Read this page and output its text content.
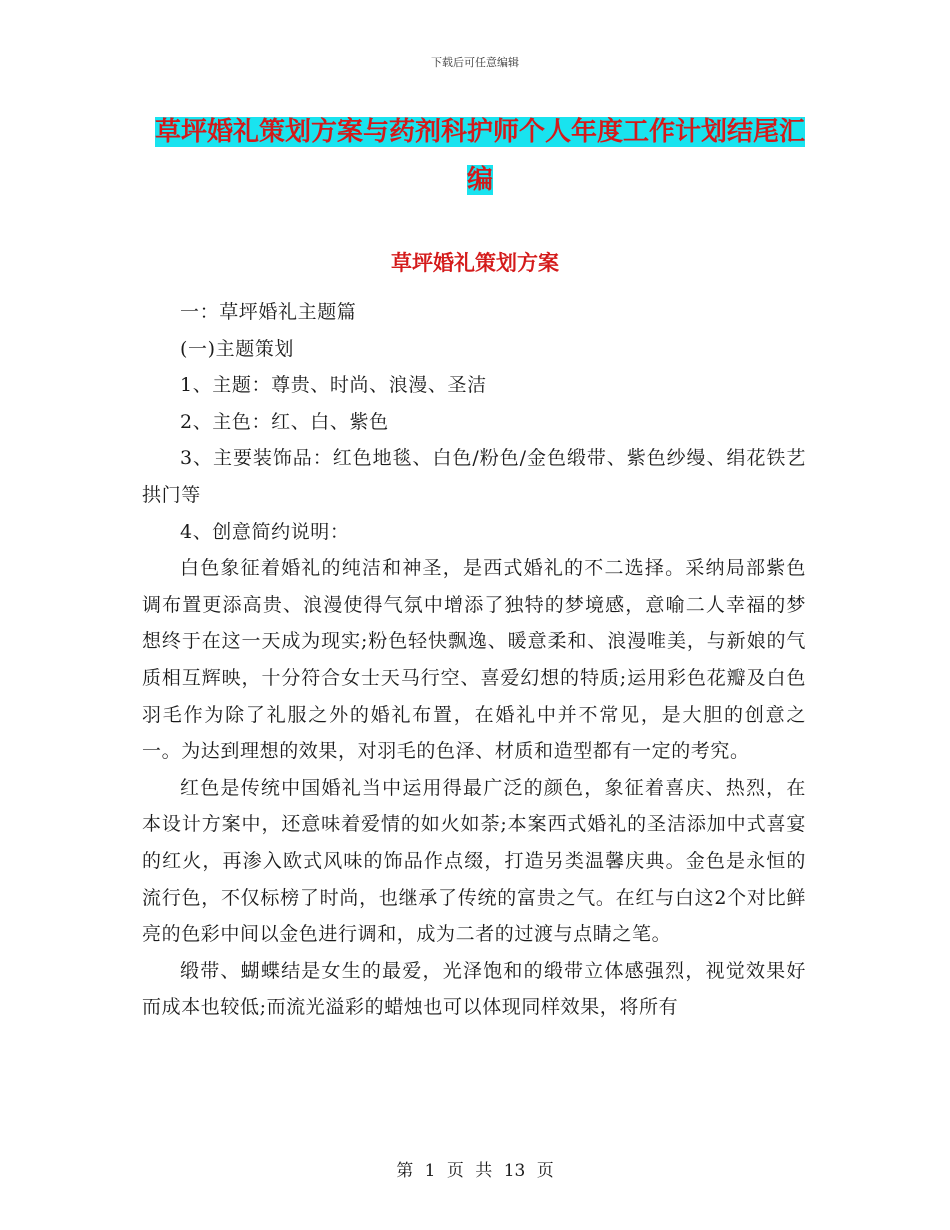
下载后可任意编辑
草坪婚礼策划方案与药剂科护师个人年度工作计划结尾汇编
草坪婚礼策划方案

一：草坪婚礼主题篇

(一)主题策划

1、主题：尊贵、时尚、浪漫、圣洁

2、主色：红、白、紫色

3、主要装饰品：红色地毯、白色/粉色/金色缎带、紫色纱缦、绢花铁艺拱门等

4、创意简约说明：

白色象征着婚礼的纯洁和神圣，是西式婚礼的不二选择。采纳局部紫色调布置更添高贵、浪漫使得气氛中增添了独特的梦境感，意喻二人幸福的梦想终于在这一天成为现实;粉色轻快飘逸、暖意柔和、浪漫唯美，与新娘的气质相互辉映，十分符合女士天马行空、喜爱幻想的特质;运用彩色花瓣及白色羽毛作为除了礼服之外的婚礼布置，在婚礼中并不常见，是大胆的创意之一。为达到理想的效果，对羽毛的色泽、材质和造型都有一定的考究。

红色是传统中国婚礼当中运用得最广泛的颜色，象征着喜庆、热烈，在本设计方案中，还意味着爱情的如火如荼;本案西式婚礼的圣洁添加中式喜宴的红火，再渗入欧式风味的饰品作点缀，打造另类温馨庆典。金色是永恒的流行色，不仅标榜了时尚，也继承了传统的富贵之气。在红与白这2个对比鲜亮的色彩中间以金色进行调和，成为二者的过渡与点睛之笔。

缎带、蝴蝶结是女生的最爱，光泽饱和的缎带立体感强烈，视觉效果好而成本也较低;而流光溢彩的蜡烛也可以体现同样效果，将所有

第 1 页 共 13 页
